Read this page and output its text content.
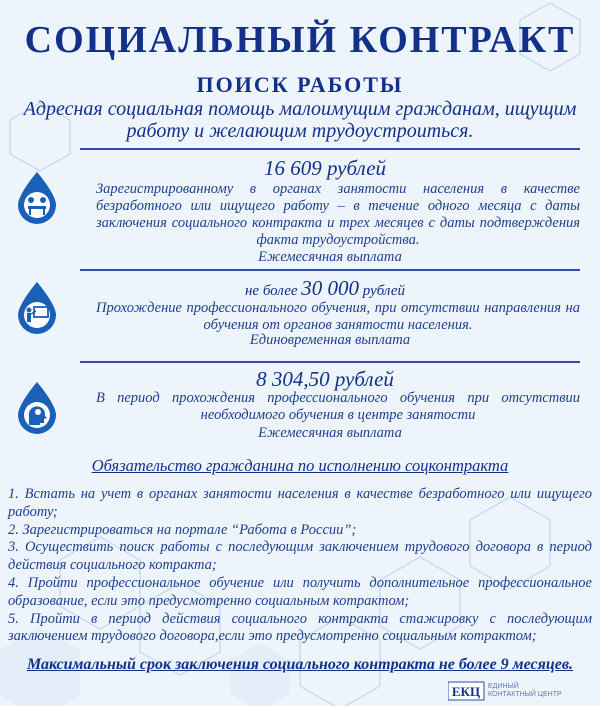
СОЦИАЛЬНЫЙ КОНТРАКТ
ПОИСК РАБОТЫ
Адресная социальная помощь малоимущим гражданам, ищущим работу и желающим трудоустроиться.
16 609 рублей
Зарегистрированному в органах занятости населения в качестве безработного или ищущего работу – в течение одного месяца с даты заключения социального контракта и трех месяцев с даты подтверждения факта трудоустройства.
Ежемесячная выплата
не более 30 000 рублей
Прохождение профессионального обучения, при отсутствии направления на обучения от органов занятости населения.
Единовременная выплата
8 304,50 рублей
В период прохождения профессионального обучения при отсутствии необходимого обучения в центре занятости
Ежемесячная выплата
Обязательство гражданина по исполнению соцконтракта

1. Встать на учет в органах занятости населения в качестве безработного или ищущего работу;

2. Зарегистрироваться на портале “Работа в России”;

3. Осуществить поиск работы с последующим заключением трудового договора в период действия социального котракта;

4. Пройти профессиональное обучение или получить дополнительное профессиональное образование, если это предусмотренно социальным котрактом;

5. Пройти в период действия социального контракта стажировку с последующим заключением трудового договора,если это предусмотренно социальным котрактом;

Максимальный срок заключения социального контракта не более 9 месяцев.
ЕКЦ ЕДИНЫЙ
КОНТАКТНЫЙ ЦЕНТР
